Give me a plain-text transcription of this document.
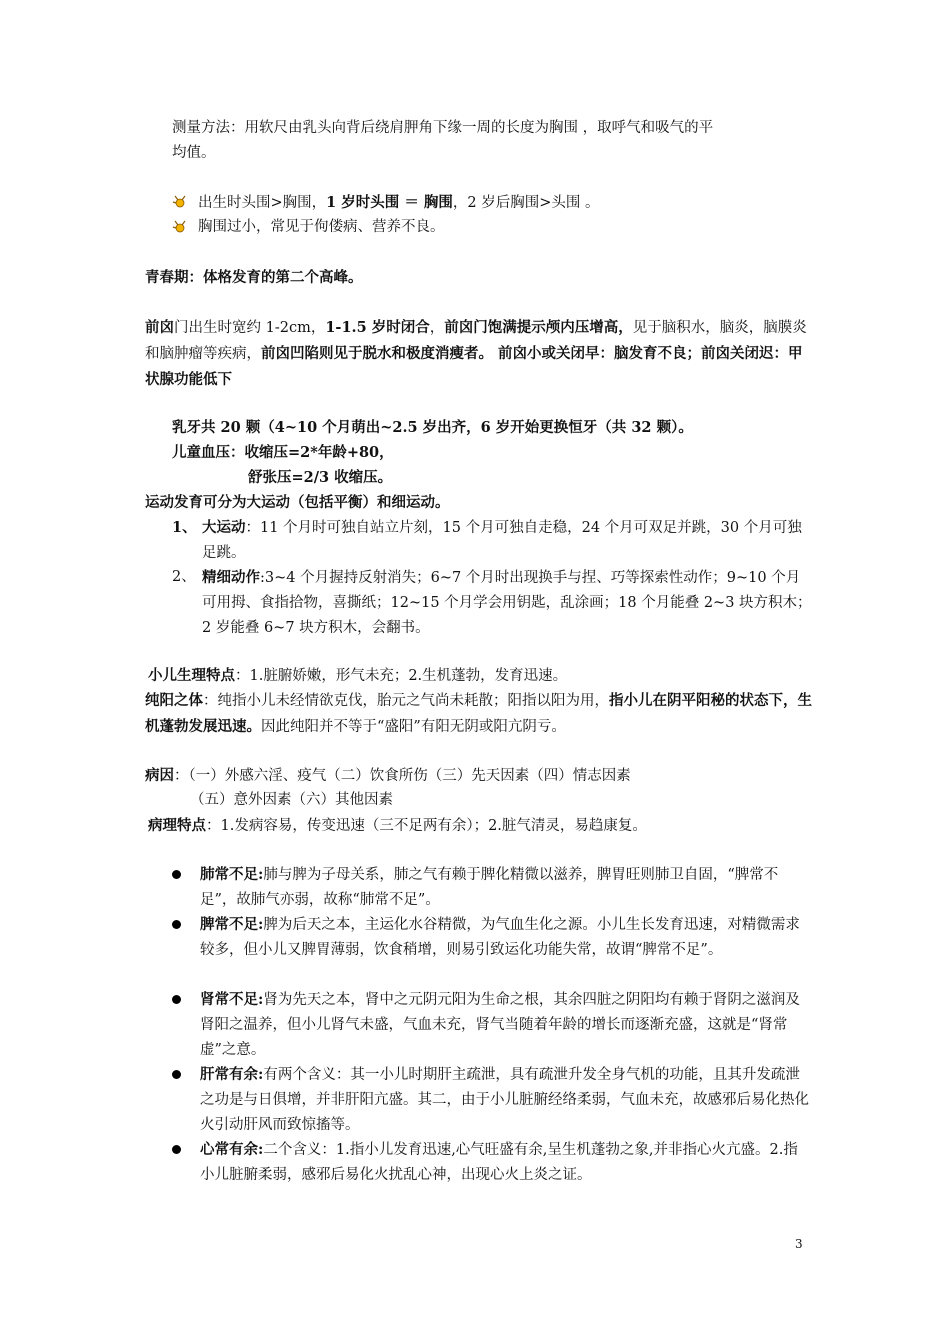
测量方法：用软尺由乳头向背后绕肩胛角下缘一周的长度为胸围 ，取呼气和吸气的平
均值。
出生时头围>胸围，1 岁时头围 ＝ 胸围，2 岁后胸围>头围 。
胸围过小，常见于佝偻病、营养不良。
青春期：体格发育的第二个高峰。
前囟门出生时宽约 1-2cm，1-1.5 岁时闭合，前囟门饱满提示颅内压增高，见于脑积水，脑炎，脑膜炎和脑肿瘤等疾病，前囟凹陷则见于脱水和极度消瘦者。 前囟小或关闭早：脑发育不良；前囟关闭迟：甲状腺功能低下
乳牙共 20 颗（4~10 个月萌出~2.5 岁出齐，6 岁开始更换恒牙（共 32 颗）。
儿童血压：收缩压=2*年龄+80，
舒张压=2/3 收缩压。
运动发育可分为大运动（包括平衡）和细运动。
1、 大运动：11 个月时可独自站立片刻，15 个月可独自走稳，24 个月可双足并跳，30 个月可独足跳。
2、 精细动作:3~4 个月握持反射消失；6~7 个月时出现换手与捏、巧等探索性动作；9~10 个月可用拇、食指拾物，喜撕纸；12~15 个月学会用钥匙，乱涂画；18 个月能叠 2~3 块方积木；2 岁能叠 6~7 块方积木，会翻书。
小儿生理特点：1.脏腑娇嫩，形气未充；2.生机蓬勃，发育迅速。
纯阳之体：纯指小儿未经情欲克伐，胎元之气尚未耗散；阳指以阳为用，指小儿在阴平阳秘的状态下，生机蓬勃发展迅速。因此纯阳并不等于“盛阳”有阳无阴或阳亢阴亏。
病因：（一）外感六淫、疫气（二）饮食所伤（三）先天因素（四）情志因素
（五）意外因素（六）其他因素
病理特点：1.发病容易，传变迅速（三不足两有余）；2.脏气清灵，易趋康复。
肺常不足:肺与脾为子母关系，肺之气有赖于脾化精微以滋养，脾胃旺则肺卫自固，“脾常不足”，故肺气亦弱，故称“肺常不足”。
脾常不足:脾为后天之本，主运化水谷精微，为气血生化之源。小儿生长发育迅速，对精微需求较多，但小儿又脾胃薄弱，饮食稍增，则易引致运化功能失常，故谓“脾常不足”。
肾常不足:肾为先天之本，肾中之元阴元阳为生命之根，其余四脏之阴阳均有赖于肾阴之滋润及肾阳之温养，但小儿肾气未盛，气血未充，肾气当随着年龄的增长而逐渐充盛，这就是“肾常虚”之意。
肝常有余:有两个含义：其一小儿时期肝主疏泄，具有疏泄升发全身气机的功能，且其升发疏泄之功是与日俱增，并非肝阳亢盛。其二，由于小儿脏腑经络柔弱，气血未充，故感邪后易化热化火引动肝风而致惊搐等。
心常有余:二个含义：1.指小儿发育迅速,心气旺盛有余,呈生机蓬勃之象,并非指心火亢盛。2.指小儿脏腑柔弱，感邪后易化火扰乱心神，出现心火上炎之证。
3
